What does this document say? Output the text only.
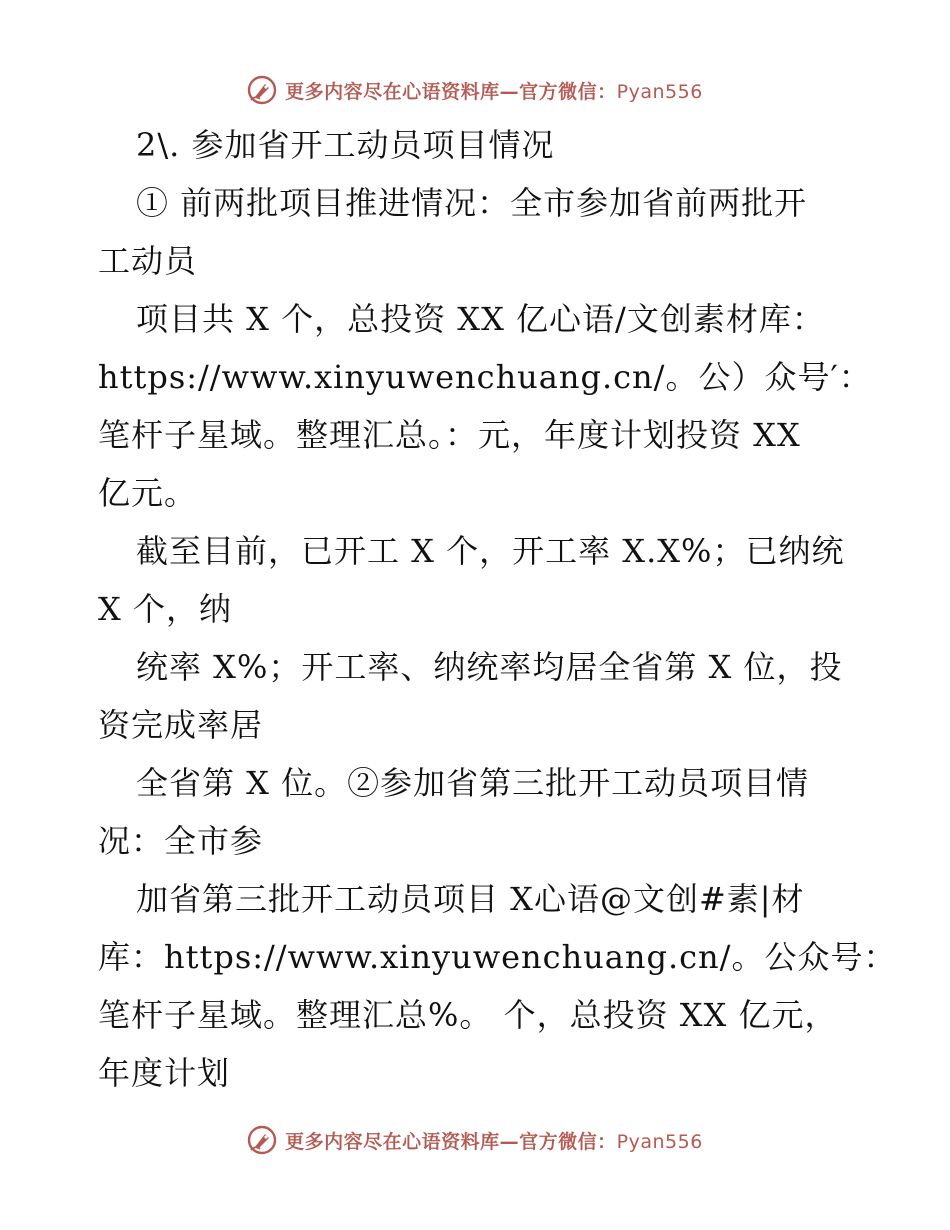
更多内容尽在心语资料库—官方微信：Pyan556
2\. 参加省开工动员项目情况
① 前两批项目推进情况：全市参加省前两批开
工动员
项目共 X 个，总投资 XX 亿心语/文创素材库：
https://www.xinyuwenchuang.cn/。公）众号′：
笔杆子星域。整理汇总。：元，年度计划投资 XX
亿元。
截至目前，已开工 X 个，开工率 X.X%；已纳统
X 个，纳
统率 X%；开工率、纳统率均居全省第 X 位，投
资完成率居
全省第 X 位。②参加省第三批开工动员项目情
况：全市参
加省第三批开工动员项目 X心语@文创#素|材
库：https://www.xinyuwenchuang.cn/。公众号：
笔杆子星域。整理汇总%。 个，总投资 XX 亿元，
年度计划
更多内容尽在心语资料库—官方微信：Pyan556
